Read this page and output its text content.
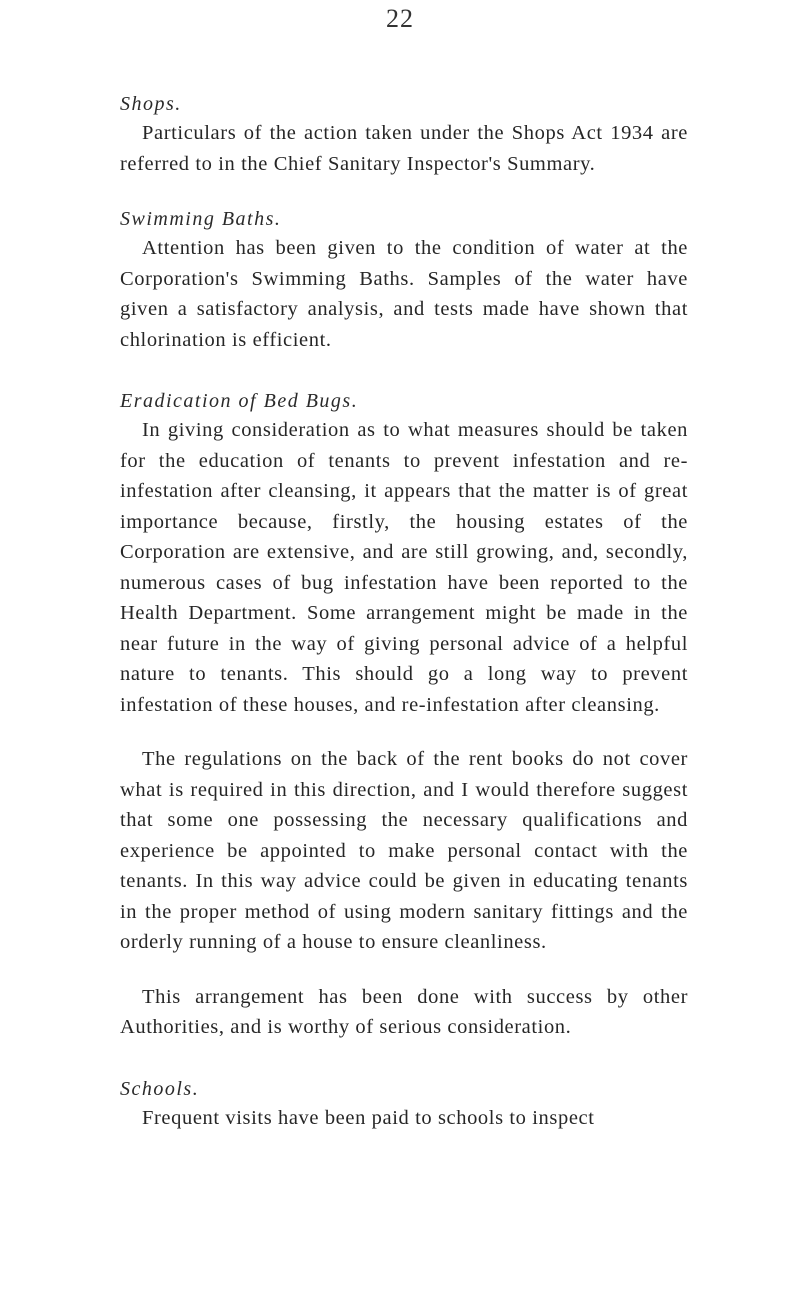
22
Shops.

Particulars of the action taken under the Shops Act 1934 are referred to in the Chief Sanitary Inspector's Summary.

Swimming Baths.

Attention has been given to the condition of water at the Corporation's Swimming Baths. Samples of the water have given a satisfactory analysis, and tests made have shown that chlorination is efficient.

Eradication of Bed Bugs.

In giving consideration as to what measures should be taken for the education of tenants to prevent infestation and re-infestation after cleansing, it appears that the matter is of great importance because, firstly, the housing estates of the Corporation are extensive, and are still growing, and, secondly, numerous cases of bug infestation have been reported to the Health Department. Some arrangement might be made in the near future in the way of giving personal advice of a helpful nature to tenants. This should go a long way to prevent infestation of these houses, and re-infestation after cleansing.

The regulations on the back of the rent books do not cover what is required in this direction, and I would therefore suggest that some one possessing the necessary qualifications and experience be appointed to make personal contact with the tenants. In this way advice could be given in educating tenants in the proper method of using modern sanitary fittings and the orderly running of a house to ensure cleanliness.

This arrangement has been done with success by other Authorities, and is worthy of serious consideration.

Schools.

Frequent visits have been paid to schools to inspect
